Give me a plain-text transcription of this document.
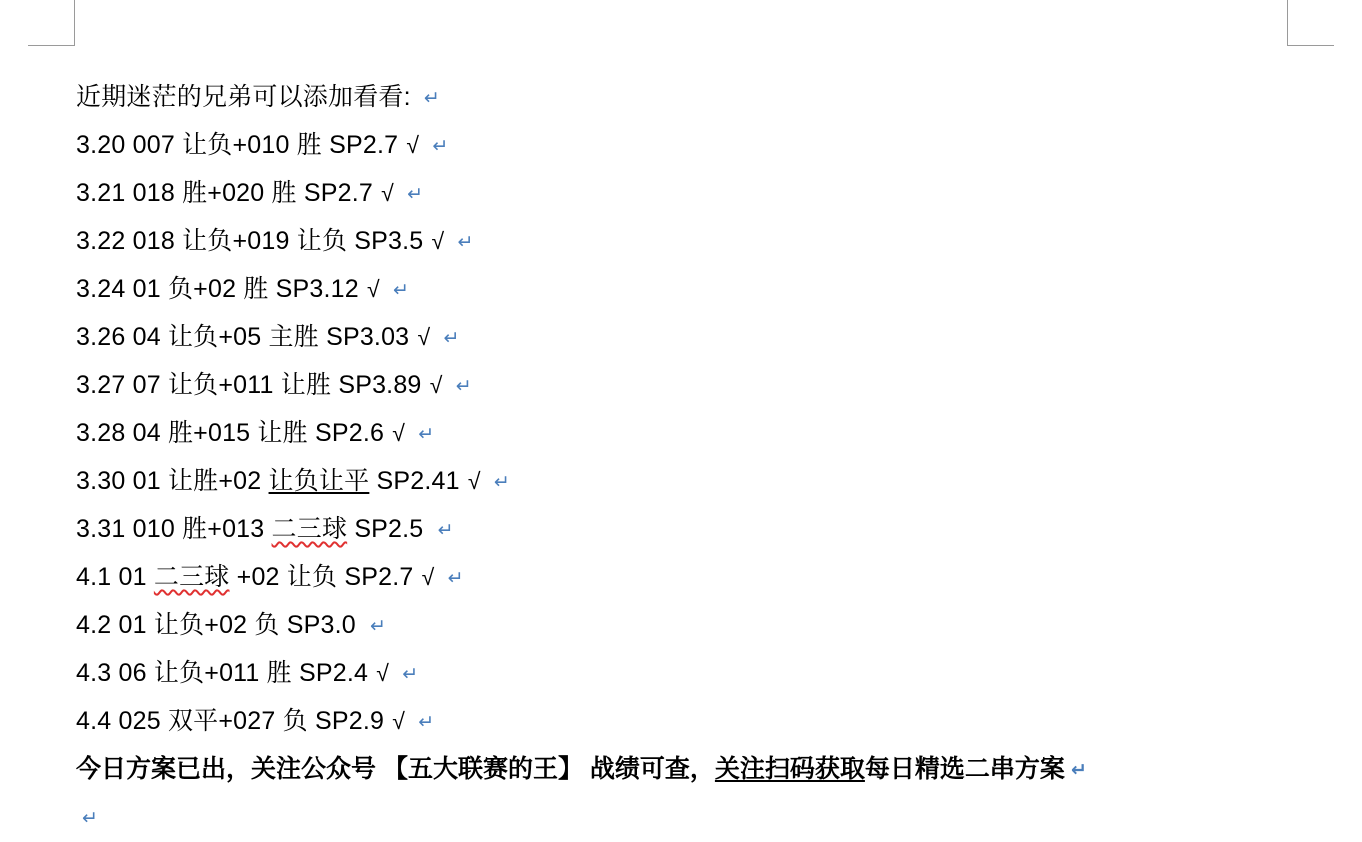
近期迷茫的兄弟可以添加看看: ↵
3.20 007 让负+010 胜 SP2.7 √ ↵
3.21 018 胜+020 胜 SP2.7 √ ↵
3.22 018 让负+019 让负 SP3.5 √ ↵
3.24 01 负+02 胜 SP3.12 √ ↵
3.26 04 让负+05 主胜 SP3.03 √ ↵
3.27 07 让负+011 让胜 SP3.89 √ ↵
3.28 04 胜+015 让胜 SP2.6 √ ↵
3.30 01 让胜+02 让负让平 SP2.41 √ ↵
3.31 010 胜+013 二三球 SP2.5 ↵
4.1 01 二三球 +02 让负 SP2.7 √ ↵
4.2 01 让负+02 负 SP3.0 ↵
4.3 06 让负+011 胜 SP2.4 √ ↵
4.4 025 双平+027 负 SP2.9 √ ↵
今日方案已出，关注公众号 【五大联赛的王】 战绩可查，关注扫码获取每日精选二串方案 ↵
↵
